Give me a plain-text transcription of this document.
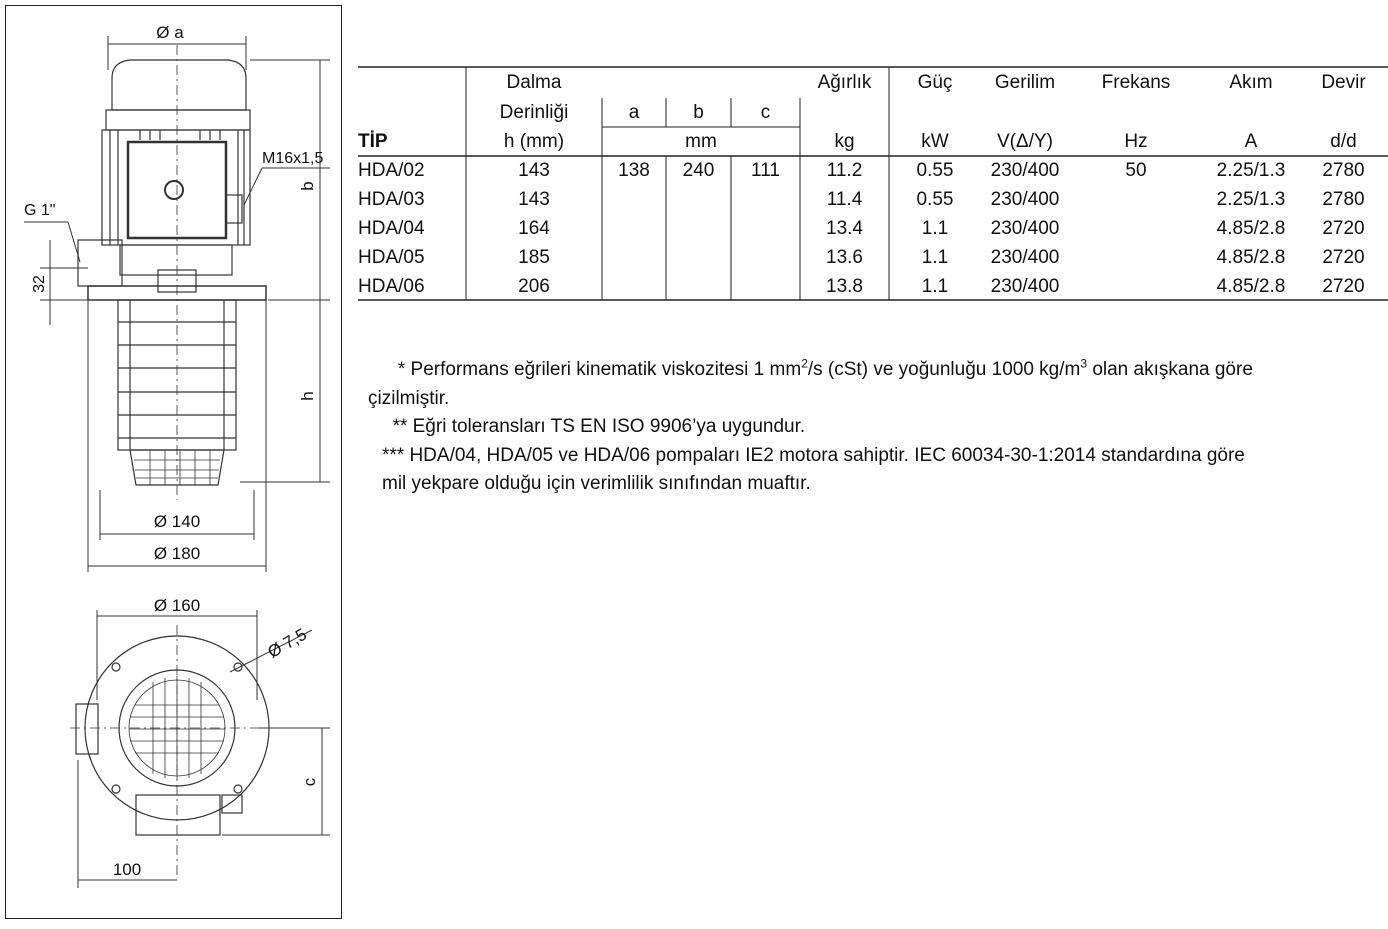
Ø a
M16x1,5
b
G 1"
32
h
Ø 140
Ø 180
Ø 160
Ø 7,5
c
100
	Dalma				Ağırlık	Güç	Gerilim	Frekans	Akım	Devir
	Derinliği	a	b	c						
TİP	h (mm)	mm			kg	kW	V(Δ/Y)	Hz	A	d/d
HDA/02	143	138	240	111	11.2	0.55	230/400	50	2.25/1.3	2780
HDA/03	143				11.4	0.55	230/400		2.25/1.3	2780
HDA/04	164				13.4	1.1	230/400		4.85/2.8	2720
HDA/05	185				13.6	1.1	230/400		4.85/2.8	2720
HDA/06	206				13.8	1.1	230/400		4.85/2.8	2720

* Performans eğrileri kinematik viskozitesi 1 $mm^2/s$ (cSt) ve yoğunluğu 1000 $kg/m^3$ olan akışkana göre

çizilmiştir.

** Eğri toleransları TS EN ISO 9906’ya uygundur.

*** HDA/04, HDA/05 ve HDA/06 pompaları IE2 motora sahiptir. IEC 60034-30-1:2014 standardına göre

mil yekpare olduğu için verimlilik sınıfından muaftır.
